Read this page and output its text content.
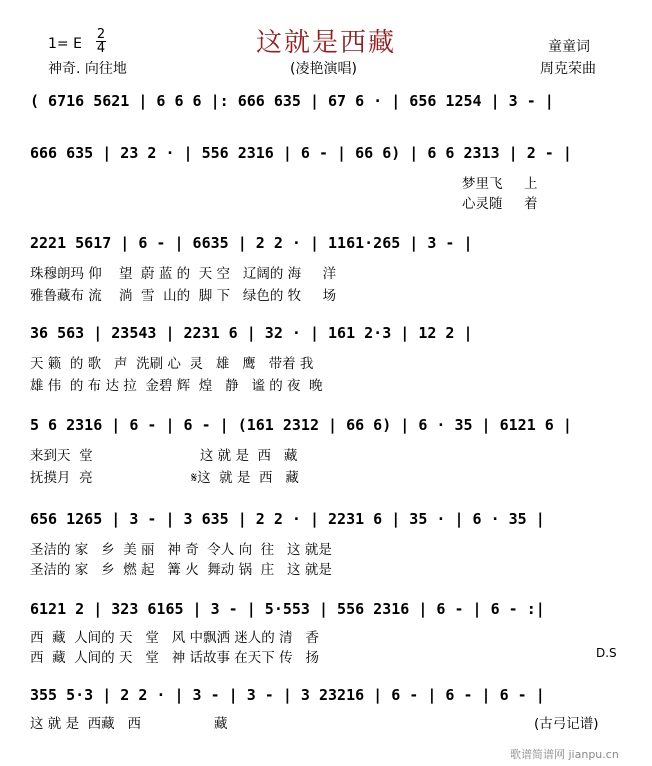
1= E
2
4	这就是西藏
神奇. 向往地	(凌艳演唱)
童童词
周克荣曲
( 6716 5621 | 6 6 6 |: 666 635 | 67 6 · | 656 1254 | 3 - |
666 635 | 23 2 · | 556 2316 | 6 - | 66 6) | 6 6 2313 | 2 - |
梦里飞     上
心灵随     着
2221 5617 | 6 - | 6635 | 2 2 · | 1161·265 | 3 - |
珠穆朗玛 仰    望  蔚 蓝 的  天 空   辽阔的 海     洋
雅鲁藏布 流    淌  雪  山的  脚 下   绿色的 牧     场
36 563 | 23543 | 2231 6 | 32 · | 161 2·3 | 12 2 |
天 籁  的 歌   声  洗刷 心  灵   雄   鹰   带着 我
雄 伟  的 布 达 拉  金碧 辉  煌   静   谧 的 夜  晚
5 6 2316 | 6 - | 6 - | (161 2312 | 66 6) | 6 · 35 | 6121 6 |
来到天  堂                         这 就 是  西   藏
抚摸月  亮                       𝄋这  就 是  西   藏
656 1265 | 3 - | 3 635 | 2 2 · | 2231 6 | 35 · | 6 · 35 |
圣洁的 家   乡  美 丽   神 奇  令人 向  往   这 就是
圣洁的 家   乡  燃 起   篝 火  舞动 锅  庄   这 就是
6121 2 | 323 6165 | 3 - | 5·553 | 556 2316 | 6 - | 6 - :|
西  藏  人间的 天   堂   风 中飘洒 迷人的 清   香
西  藏  人间的 天   堂   神 话故事 在天下 传   扬	D.S
355 5·3 | 2 2 · | 3 - | 3 - | 3 23216 | 6 - | 6 - | 6 - |
这 就 是  西藏   西                 藏	(古弓记谱)
歌谱简谱网 jianpu.cn
